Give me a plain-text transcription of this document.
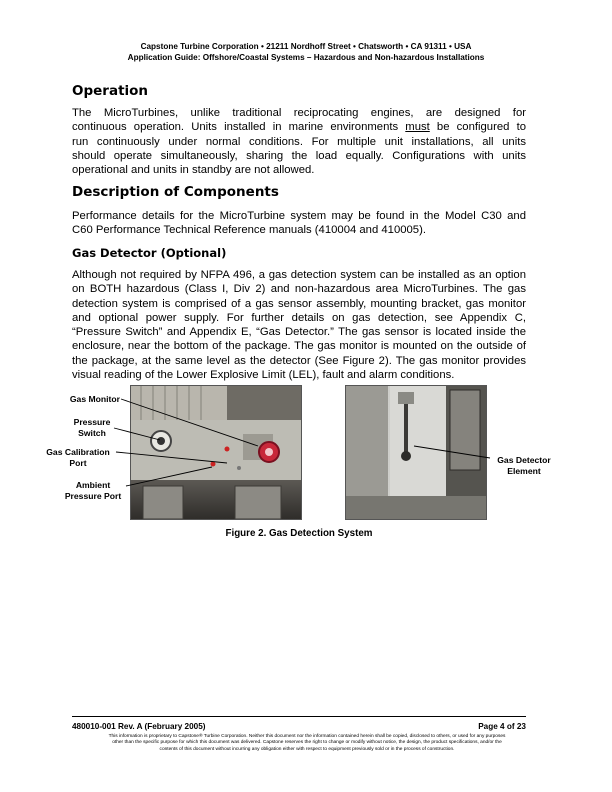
Capstone Turbine Corporation • 21211 Nordhoff Street • Chatsworth • CA 91311 • USA
Application Guide: Offshore/Coastal Systems – Hazardous and Non-hazardous Installations
Operation
The MicroTurbines, unlike traditional reciprocating engines, are designed for
continuous operation. Units installed in marine environments must be configured to
run continuously under normal conditions. For multiple unit installations, all units
should operate simultaneously, sharing the load equally. Configurations with units
operational and units in standby are not allowed.
Description of Components
Performance details for the MicroTurbine system may be found in the Model C30 and
C60 Performance Technical Reference manuals (410004 and 410005).
Gas Detector (Optional)
Although not required by NFPA 496, a gas detection system can be installed as an option
on BOTH hazardous (Class I, Div 2) and non-hazardous area MicroTurbines. The gas
detection system is comprised of a gas sensor assembly, mounting bracket, gas monitor
and optional power supply. For further details on gas detection, see Appendix C,
“Pressure Switch” and Appendix E, “Gas Detector.” The gas sensor is located inside the
enclosure, near the bottom of the package. The gas monitor is mounted on the outside of
the package, at the same level as the detector (See Figure 2). The gas monitor provides
visual reading of the Lower Explosive Limit (LEL), fault and alarm conditions.
Gas Monitor
Pressure
Switch
Gas Calibration
Port
Ambient
Pressure Port
Gas Detector
Element
Figure 2. Gas Detection System
480010-001 Rev. A (February 2005)	Page 4 of 23
This information is proprietary to Capstone® Turbine Corporation. Neither this document nor the information contained herein shall be copied, disclosed to others, or used for any purposes
other than the specific purpose for which this document was delivered. Capstone reserves the right to change or modify without notice, the design, the product specifications, and/or the
contents of this document without incurring any obligation either with respect to equipment previously sold or in the process of construction.
